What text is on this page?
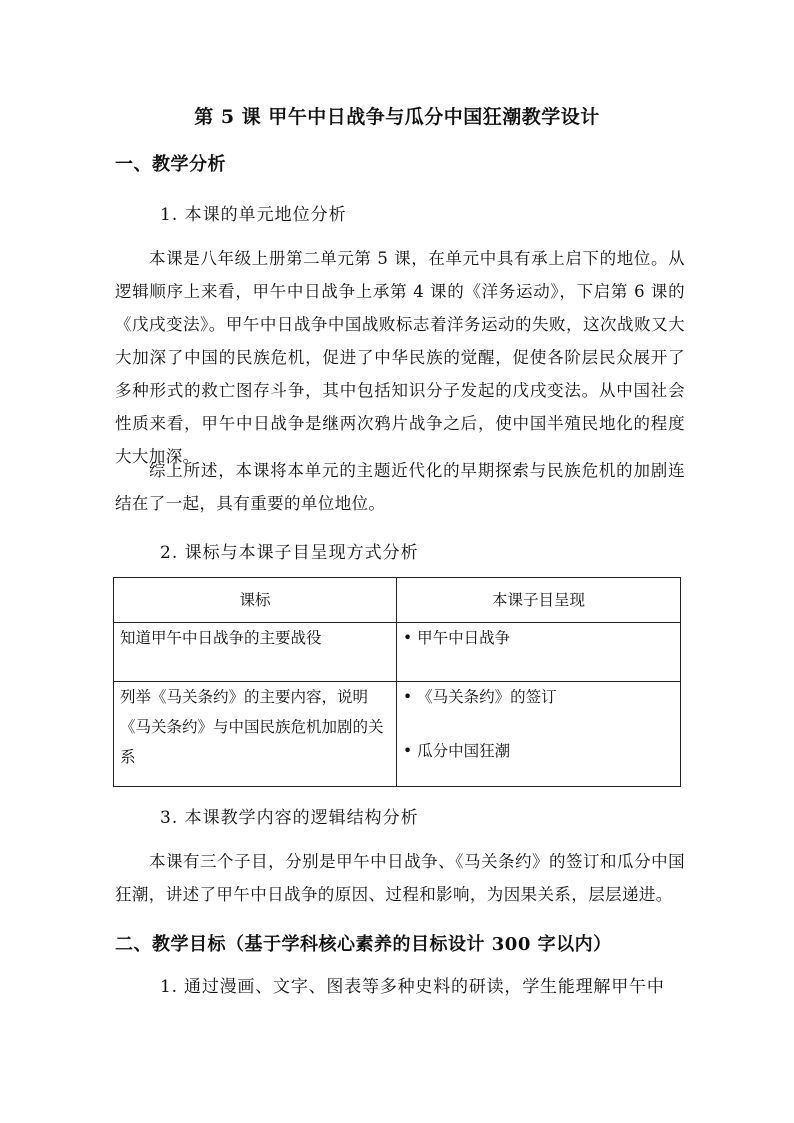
第 5 课 甲午中日战争与瓜分中国狂潮教学设计
一、教学分析
1. 本课的单元地位分析
本课是八年级上册第二单元第 5 课，在单元中具有承上启下的地位。从逻辑顺序上来看，甲午中日战争上承第 4 课的《洋务运动》，下启第 6 课的《戊戌变法》。甲午中日战争中国战败标志着洋务运动的失败，这次战败又大大加深了中国的民族危机，促进了中华民族的觉醒，促使各阶层民众展开了多种形式的救亡图存斗争，其中包括知识分子发起的戊戌变法。从中国社会性质来看，甲午中日战争是继两次鸦片战争之后，使中国半殖民地化的程度大大加深。
综上所述，本课将本单元的主题近代化的早期探索与民族危机的加剧连结在了一起，具有重要的单位地位。
2. 课标与本课子目呈现方式分析
课标	本课子目呈现
知道甲午中日战争的主要战役	• 甲午中日战争

列举《马关条约》的主要内容，说明《马关条约》与中国民族危机加剧的关系	• 《马关条约》的签订
• 瓜分中国狂潮
3. 本课教学内容的逻辑结构分析
本课有三个子目，分别是甲午中日战争、《马关条约》的签订和瓜分中国狂潮，讲述了甲午中日战争的原因、过程和影响，为因果关系，层层递进。
二、教学目标（基于学科核心素养的目标设计 300 字以内）
1. 通过漫画、文字、图表等多种史料的研读，学生能理解甲午中
